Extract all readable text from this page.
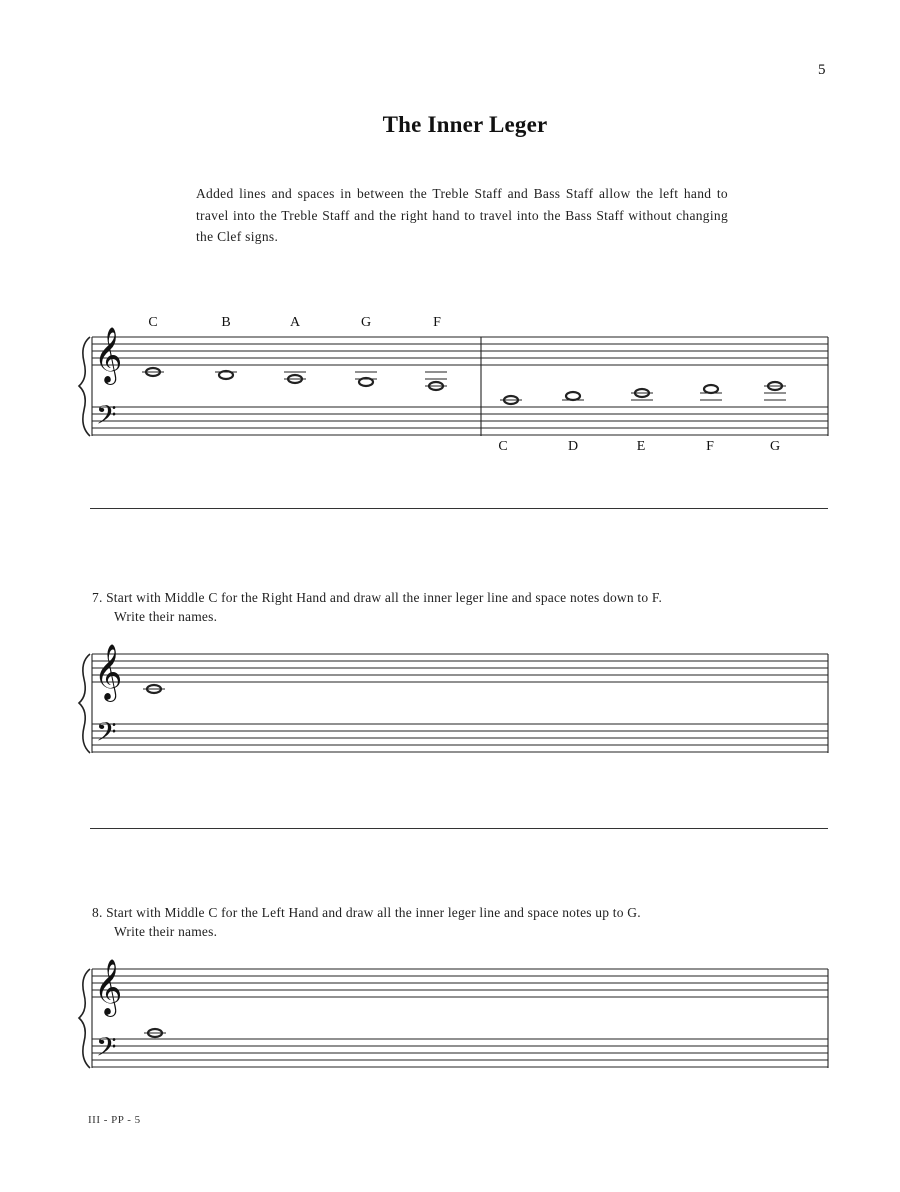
5
The Inner Leger
Added lines and spaces in between the Treble Staff and Bass Staff allow the left hand to travel into the Treble Staff and the right hand to travel into the Bass Staff without changing the Clef signs.
𝄞
𝄢
C	B	A	G	F
C	D	E	F	G
7. Start with Middle C for the Right Hand and draw all the inner leger line and space notes down to F.
Write their names.
𝄞
𝄢
8. Start with Middle C for the Left Hand and draw all the inner leger line and space notes up to G.
Write their names.
𝄞
𝄢
III - PP - 5
